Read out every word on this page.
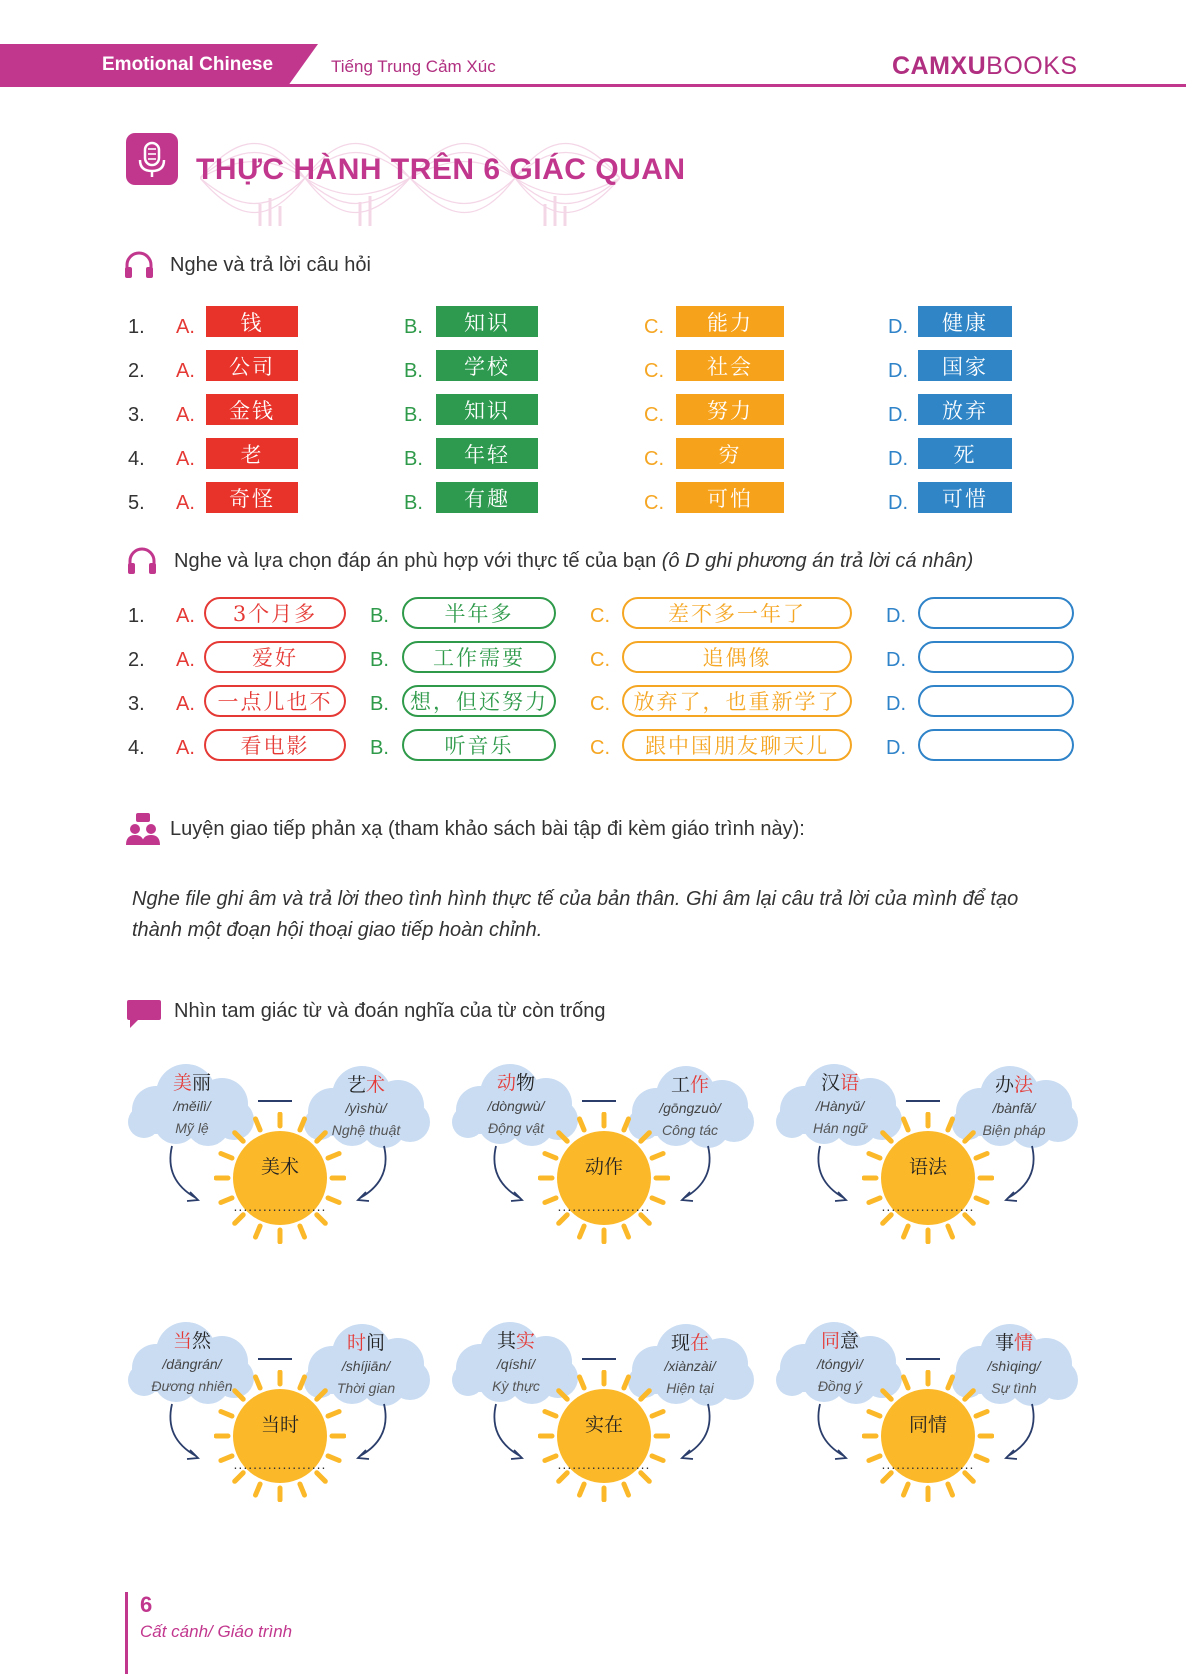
Emotional Chinese	Tiếng Trung Cảm Xúc	CAMXUBOOKS
THỰC HÀNH TRÊN 6 GIÁC QUAN
Nghe và trả lời câu hỏi
1. A.	钱	B.	知识	C.	能力	D.	健康
2. A.	公司	B.	学校	C.	社会	D.	国家
3. A.	金钱	B.	知识	C.	努力	D.	放弃
4. A.	老	B.	年轻	C.	穷	D.	死
5. A.	奇怪	B.	有趣	C.	可怕	D.	可惜
Nghe và lựa chọn đáp án phù hợp với thực tế của bạn (ô D ghi phương án trả lời cá nhân)
1. A.	3个月多	B.	半年多	C.	差不多一年了	D.
2. A.	爱好	B.	工作需要	C.	追偶像	D.
3. A.	一点儿也不	B.	想，但还努力	C.	放弃了，也重新学了	D.
4. A.	看电影	B.	听音乐	C.	跟中国朋友聊天儿	D.
Luyện giao tiếp phản xạ (tham khảo sách bài tập đi kèm giáo trình này):
Nghe file ghi âm và trả lời theo tình hình thực tế của bản thân. Ghi âm lại câu trả lời của mình để tạo thành một đoạn hội thoại giao tiếp hoàn chỉnh.
Nhìn tam giác từ và đoán nghĩa của từ còn trống
美丽
/měilì/
Mỹ lệ
艺术
/yìshù/
Nghệ thuật
美术
...................
动物
/dòngwù/
Động vật
工作
/gōngzuò/
Công tác
动作
...................
汉语
/Hànyǔ/
Hán ngữ
办法
/bànfǎ/
Biện pháp
语法
...................
当然
/dāngrán/
Đương nhiên
时间
/shíjiān/
Thời gian
当时
...................
其实
/qíshí/
Kỳ thực
现在
/xiànzài/
Hiện tại
实在
...................
同意
/tóngyì/
Đồng ý
事情
/shìqing/
Sự tình
同情
...................
6
Cất cánh/ Giáo trình
